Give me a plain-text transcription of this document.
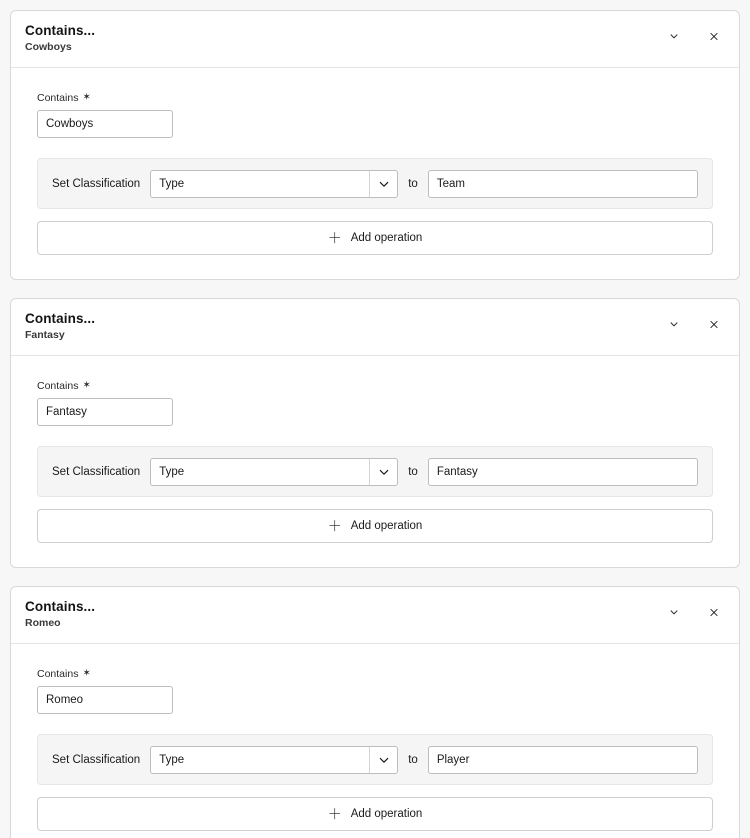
Contains...
Cowboys
Contains ✶
Cowboys
Set Classification	Type	to
Team
＋ Add operation
Contains...
Fantasy
Contains ✶
Fantasy
Set Classification	Type	to
Fantasy
＋ Add operation
Contains...
Romeo
Contains ✶
Romeo
Set Classification	Type	to
Player
＋ Add operation
